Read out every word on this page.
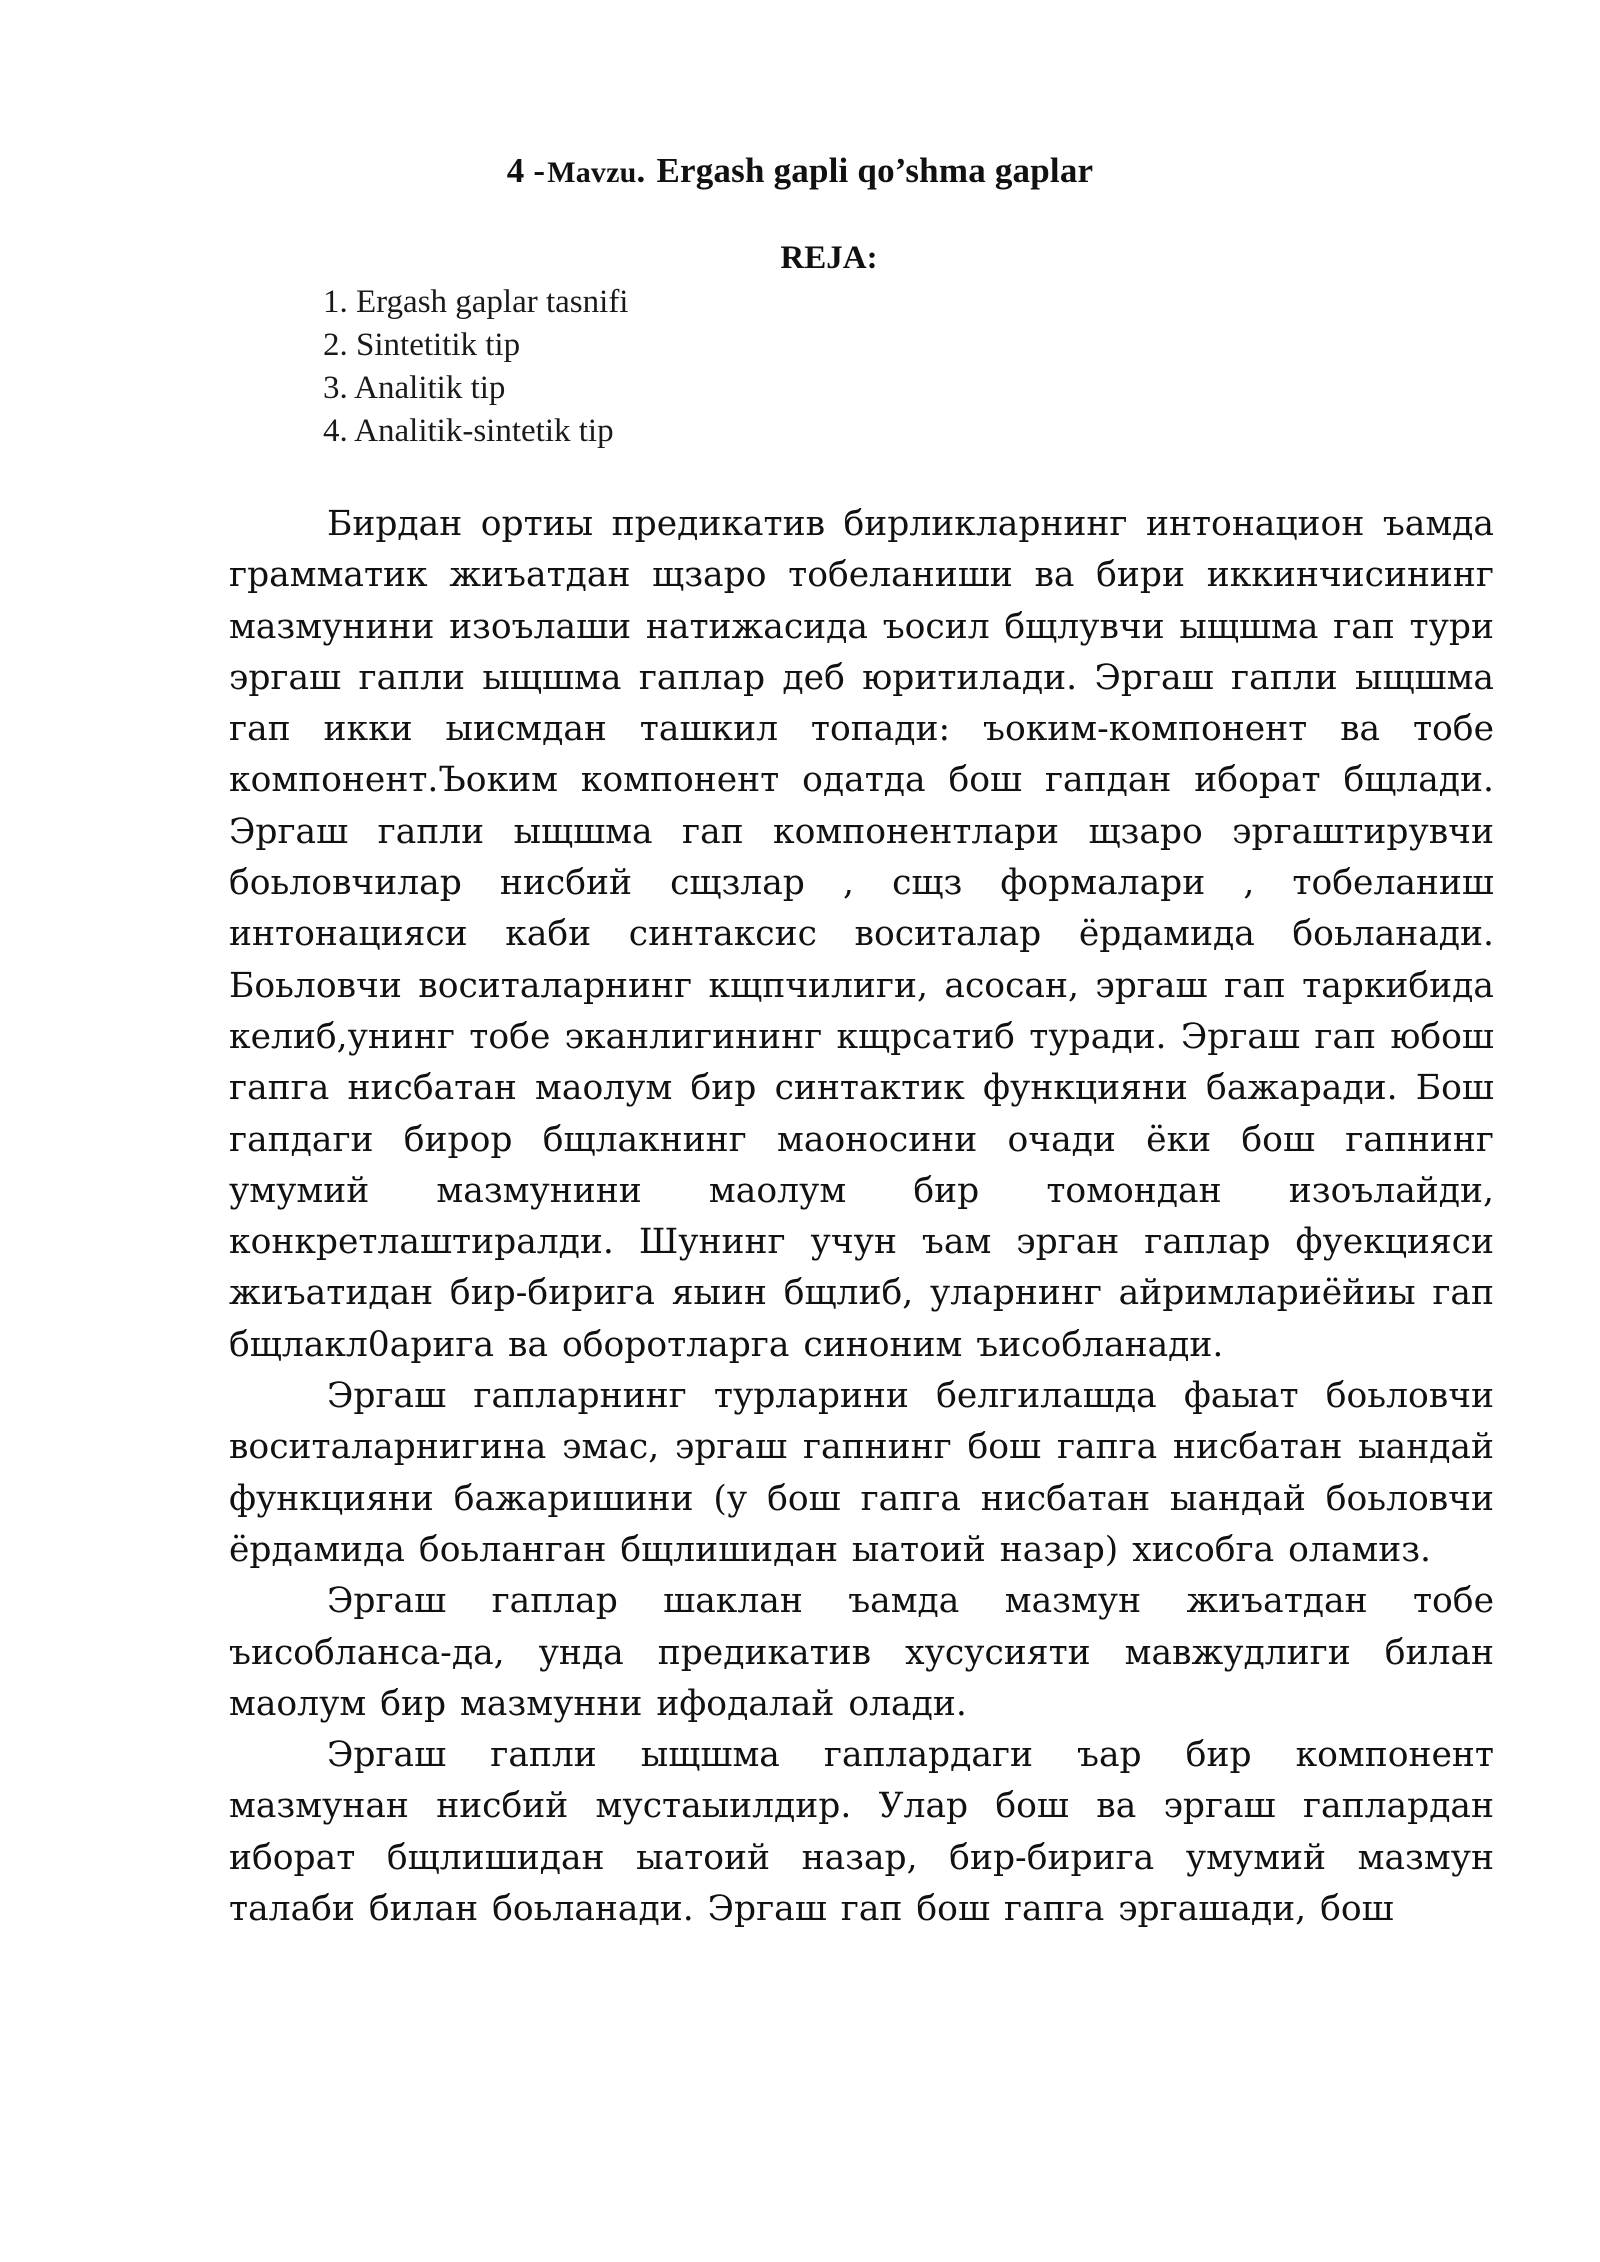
4 -Mavzu. Ergash gapli qo’shma gaplar
REJA:
1. Ergash gaplar tasnifi
2. Sintetitik tip
3. Analitik tip
4. Analitik-sintetik tip

Бирдан ортиы предикатив бирликларнинг интонацион ъамда грамматик жиъатдан щзаро тобеланиши ва бири иккинчисининг мазмунини изоълаши натижасида ъосил бщлувчи ыщшма гап тури эргаш гапли ыщшма гаплар деб юритилади. Эргаш гапли ыщшма гап икки ыисмдан ташкил топади: ъоким-компонент ва тобе компонент.Ъоким компонент одатда бош гапдан иборат бщлади. Эргаш гапли ыщшма гап компонентлари щзаро эргаштирувчи боьловчилар нисбий сщзлар , сщз формалари , тобеланиш интонацияси каби синтаксис воситалар ёрдамида боьланади. Боьловчи воситаларнинг кщпчилиги, асосан, эргаш гап таркибида келиб,унинг тобе эканлигининг кщрсатиб туради. Эргаш гап юбош гапга нисбатан маолум бир синтактик функцияни бажаради. Бош гапдаги бирор бщлакнинг маоносини очади ёки бош гапнинг умумий мазмунини маолум бир томондан изоълайди, конкретлаштиралди. Шунинг учун ъам эрган гаплар фуекцияси жиъатидан бир-бирига яыин бщлиб, уларнинг айримлариёйиы гап бщлакл0арига ва оборотларга синоним ъисобланади.

Эргаш гапларнинг турларини белгилашда фаыат боьловчи воситаларнигина эмас, эргаш гапнинг бош гапга нисбатан ыандай функцияни бажаришини (у бош гапга нисбатан ыандай боьловчи ёрдамида боьланган бщлишидан ыатоий назар) хисобга оламиз.

Эргаш гаплар шаклан ъамда мазмун жиъатдан тобе ъисобланса-да, унда предикатив хусусияти мавжудлиги билан маолум бир мазмунни ифодалай олади.

Эргаш гапли ыщшма гаплардаги ъар бир компонент мазмунан нисбий мустаыилдир. Улар бош ва эргаш гаплардан иборат бщлишидан ыатоий назар, бир-бирига умумий мазмун талаби билан боьланади. Эргаш гап бош гапга эргашади, бош
